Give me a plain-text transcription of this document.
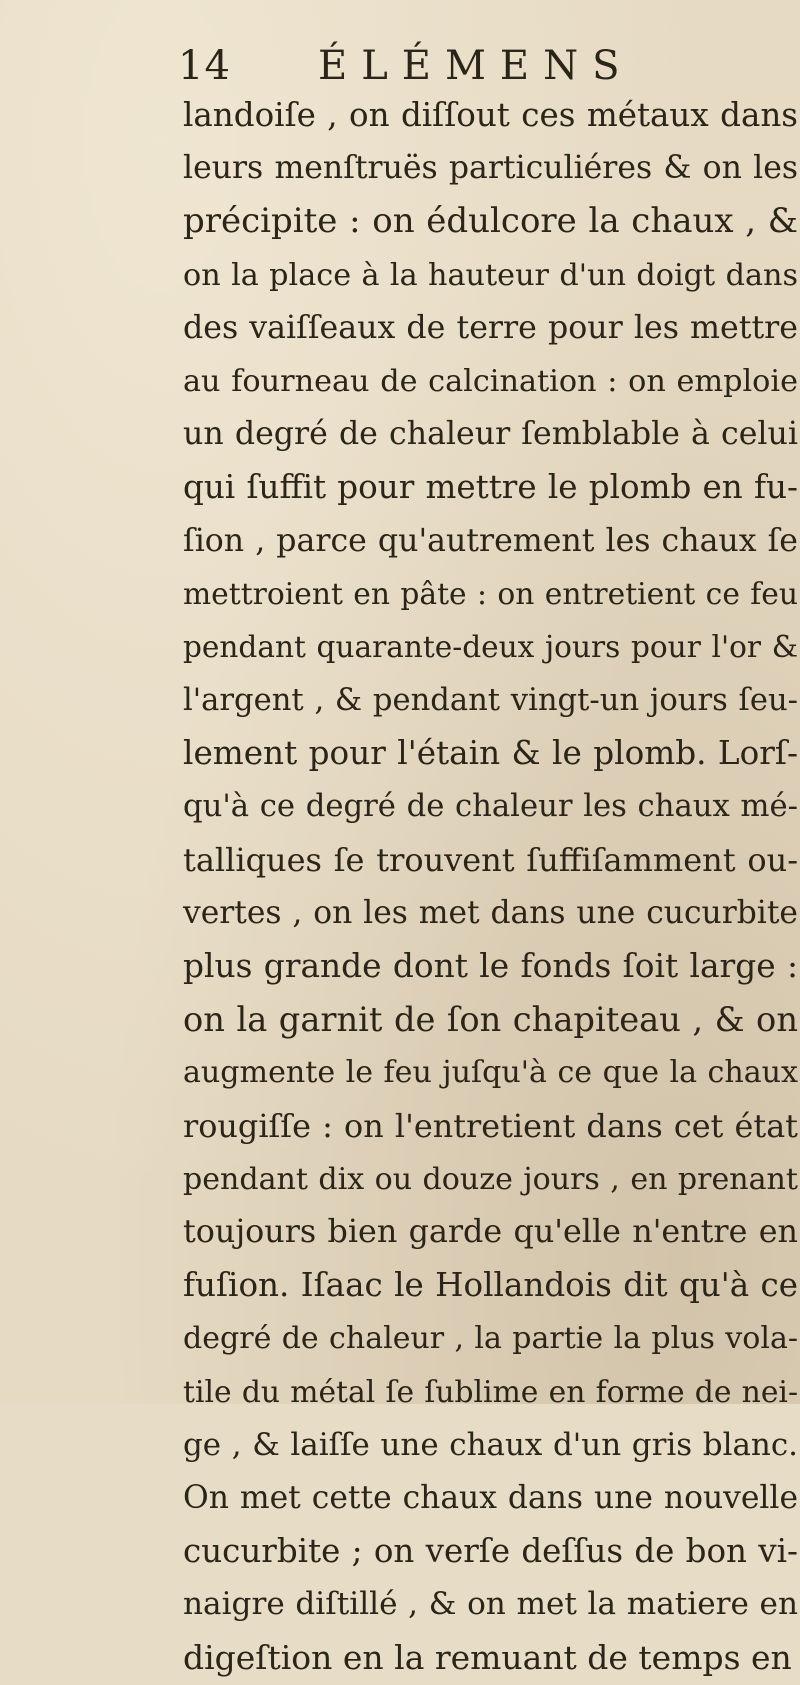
14 ÉLÉMENS
landoiſe , on diſſout ces métaux dans
leurs menſtruës particuliéres & on les
précipite : on édulcore la chaux , &
on la place à la hauteur d'un doigt dans
des vaiſſeaux de terre pour les mettre
au fourneau de calcination : on emploie
un degré de chaleur ſemblable à celui
qui ſuffit pour mettre le plomb en fu-
ſion , parce qu'autrement les chaux ſe
mettroient en pâte : on entretient ce feu
pendant quarante-deux jours pour l'or &
l'argent , & pendant vingt-un jours ſeu-
lement pour l'étain & le plomb. Lorſ-
qu'à ce degré de chaleur les chaux mé-
talliques ſe trouvent ſuffiſamment ou-
vertes , on les met dans une cucurbite
plus grande dont le fonds ſoit large :
on la garnit de ſon chapiteau , & on
augmente le feu juſqu'à ce que la chaux
rougiſſe : on l'entretient dans cet état
pendant dix ou douze jours , en prenant
toujours bien garde qu'elle n'entre en
fuſion. Iſaac le Hollandois dit qu'à ce
degré de chaleur , la partie la plus vola-
tile du métal ſe ſublime en forme de nei-
ge , & laiſſe une chaux d'un gris blanc.
On met cette chaux dans une nouvelle
cucurbite ; on verſe deſſus de bon vi-
naigre diſtillé , & on met la matiere en
digeſtion en la remuant de temps en
